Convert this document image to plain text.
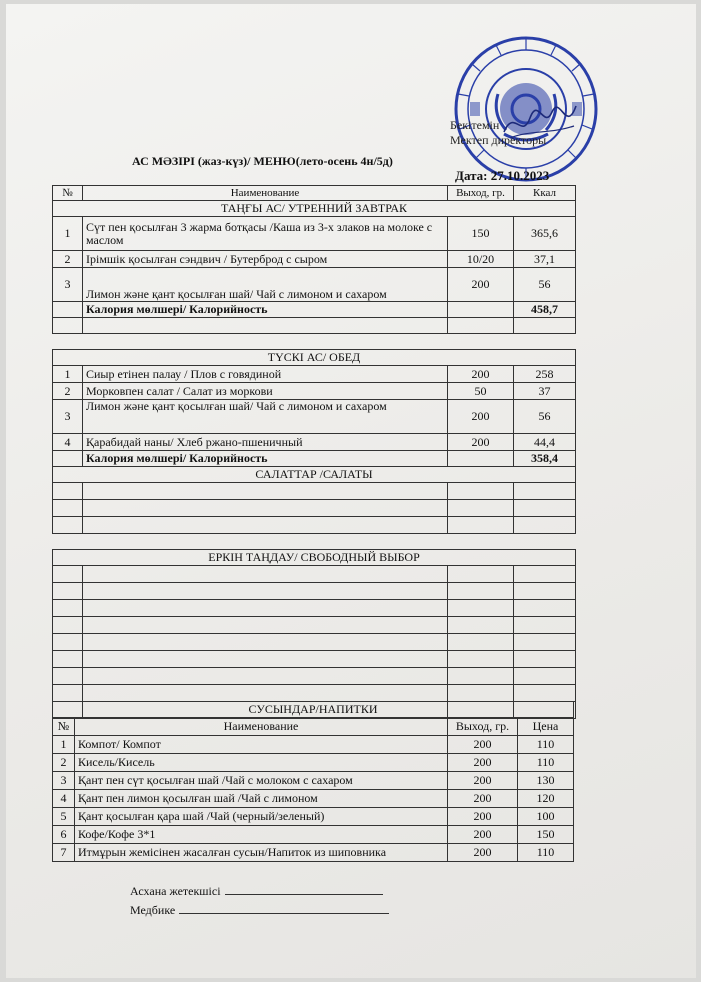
Бекітемін
Мектеп директоры
АС МӘЗІРІ (жаз-күз)/ МЕНЮ(лето-осень 4н/5д)
Дата: 27.10.2023
№	Наименование	Выход, гр.	Ккал
ТАҢҒЫ АС/ УТРЕННИЙ ЗАВТРАК			
1	Сүт пен қосылған 3 жарма ботқасы /Каша из 3-х злаков на молоке с маслом	150	365,6
2	Ірімшік қосылған сэндвич / Бутерброд с сыром	10/20	37,1
3	Лимон және қант қосылған шай/ Чай с лимоном и сахаром	200	56
	Калория мөлшері/ Калорийность		458,7

ТҮСКІ АС/ ОБЕД			
1	Сиыр етінен палау / Плов с говядиной	200	258
2	Морковпен салат / Салат из моркови	50	37
3	Лимон және қант қосылған шай/ Чай с лимоном и сахаром	200	56
4	Қарабидай наны/ Хлеб ржано-пшеничный	200	44,4
	Калория мөлшері/ Калорийность		358,4
САЛАТТАР /САЛАТЫ			

ЕРКІН ТАҢДАУ/ СВОБОДНЫЙ ВЫБОР			

СУСЫНДАР/НАПИТКИ			
№	Наименование	Выход, гр.	Цена
1	Компот/ Компот	200	110
2	Кисель/Кисель	200	110
3	Қант пен сүт қосылған шай /Чай с молоком с сахаром	200	130
4	Қант пен лимон қосылған шай /Чай с лимоном	200	120
5	Қант қосылған қара шай /Чай (черный/зеленый)	200	100
6	Кофе/Кофе 3*1	200	150
7	Итмұрын жемісінен жасалған сусын/Напиток из шиповника	200	110
Асхана жетекшісі
Медбике
